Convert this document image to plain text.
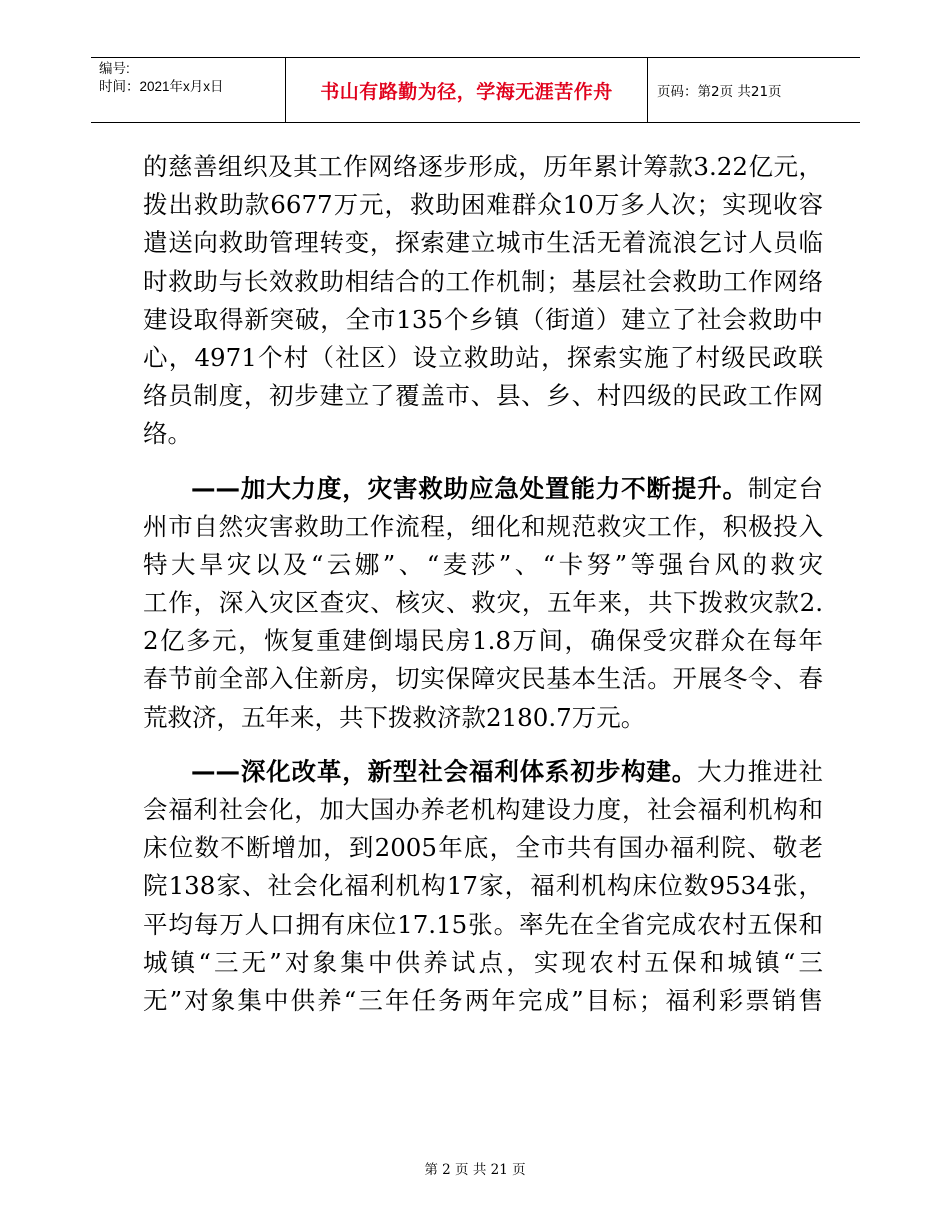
编号:
时间：2021年x月x日	书山有路勤为径，学海无涯苦作舟	页码：第2页 共21页
的慈善组织及其工作网络逐步形成，历年累计筹款3.22亿元，
拨出救助款6677万元，救助困难群众10万多人次；实现收容
遣送向救助管理转变，探索建立城市生活无着流浪乞讨人员临
时救助与长效救助相结合的工作机制；基层社会救助工作网络
建设取得新突破，全市135个乡镇（街道）建立了社会救助中
心，4971个村（社区）设立救助站，探索实施了村级民政联
络员制度，初步建立了覆盖市、县、乡、村四级的民政工作网
络。
——加大力度，灾害救助应急处置能力不断提升。制定台
州市自然灾害救助工作流程，细化和规范救灾工作，积极投入
特大旱灾以及“云娜”、“麦莎”、“卡努”等强台风的救灾
工作，深入灾区查灾、核灾、救灾，五年来，共下拨救灾款2.
2亿多元，恢复重建倒塌民房1.8万间，确保受灾群众在每年
春节前全部入住新房，切实保障灾民基本生活。开展冬令、春
荒救济，五年来，共下拨救济款2180.7万元。
——深化改革，新型社会福利体系初步构建。大力推进社
会福利社会化，加大国办养老机构建设力度，社会福利机构和
床位数不断增加，到2005年底，全市共有国办福利院、敬老
院138家、社会化福利机构17家，福利机构床位数9534张，
平均每万人口拥有床位17.15张。率先在全省完成农村五保和
城镇“三无”对象集中供养试点，实现农村五保和城镇“三
无”对象集中供养“三年任务两年完成”目标；福利彩票销售
第 2 页 共 21 页
